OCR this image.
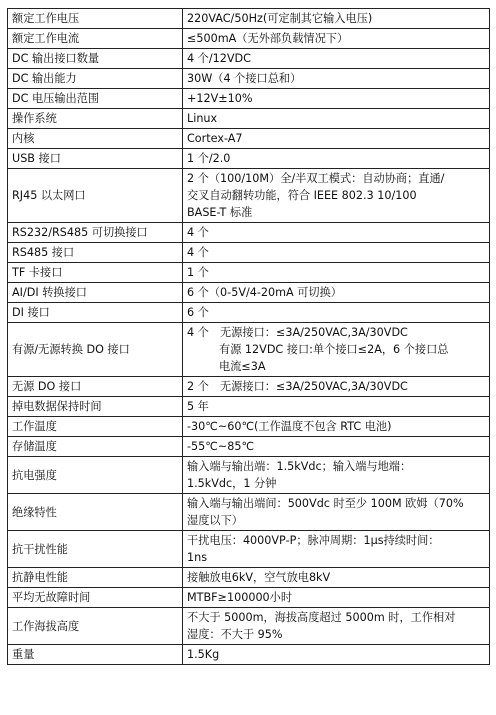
额定工作电压	220VAC/50Hz(可定制其它输入电压)

额定工作电流	≤500mA（无外部负载情况下）

DC 输出接口数量	4 个/12VDC

DC 输出能力	30W（4 个接口总和）

DC 电压输出范围	+12V±10%

操作系统	Linux

内核	Cortex-A7

USB 接口	1 个/2.0

RJ45 以太网口	2 个（100/10M）全/半双工模式：自动协商；直通/
交叉自动翻转功能，符合 IEEE 802.3 10/100
BASE-T 标准

RS232/RS485 可切换接口	4 个

RS485 接口	4 个

TF 卡接口	1 个

AI/DI 转换接口	6 个（0-5V/4-20mA 可切换）

DI 接口	6 个

有源/无源转换 DO 接口	4 个　无源接口：≤3A/250VAC,3A/30VDC
有源 12VDC 接口:单个接口≤2A，6 个接口总
电流≤3A

无源 DO 接口	2 个　无源接口：≤3A/250VAC,3A/30VDC

掉电数据保持时间	5 年

工作温度	-30℃~60℃(工作温度不包含 RTC 电池)

存储温度	-55℃~85℃

抗电强度	输入端与输出端：1.5kVdc；输入端与地端：
1.5kVdc，1 分钟

绝缘特性	输入端与输出端间：500Vdc 时至少 100M 欧姆（70%
湿度以下）

抗干扰性能	干扰电压：4000VP-P；脉冲周期：1μs持续时间：
1ns

抗静电性能	接触放电6kV，空气放电8kV

平均无故障时间	MTBF≥100000小时

工作海拔高度	不大于 5000m，海拔高度超过 5000m 时，工作相对
湿度：不大于 95%

重量	1.5Kg
